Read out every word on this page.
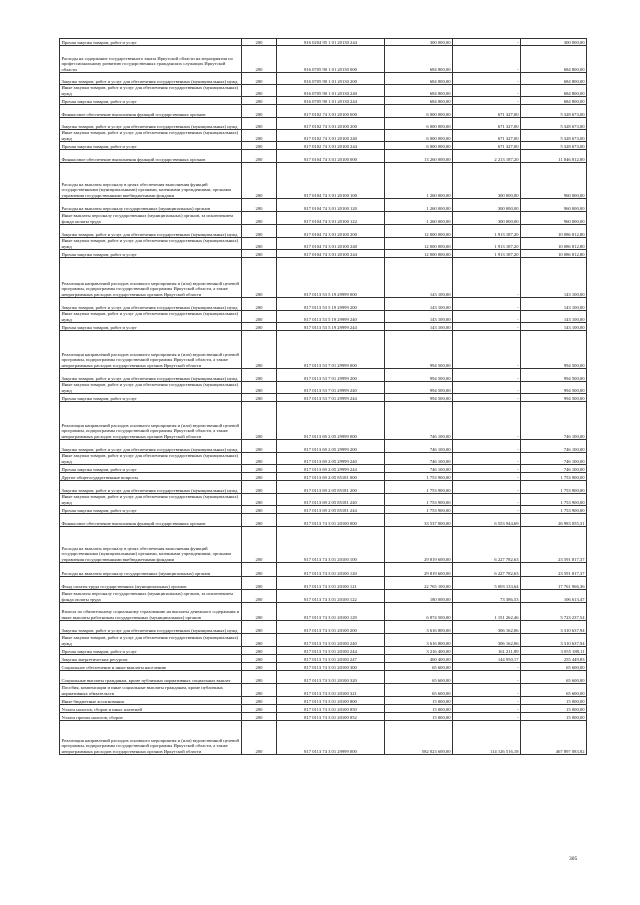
Прочая закупка товаров, работ и услуг	200	816 0204 95 1 01 20130 244	300 000,00	-	300 000,00
Расходы на содержание государственного заказа Иркутской области на мероприятия по профессиональному развитию государственных гражданских служащих Иркутской области	200	816 0705 90 1 01 20130 000	684 800,00	-	684 800,00
Закупка товаров, работ и услуг для обеспечения государственных (муниципальных) нужд	200	816 0705 90 1 01 20130 200	684 800,00	-	684 800,00
Иные закупки товаров, работ и услуг для обеспечения государственных (муниципальных) нужд	200	816 0705 90 1 01 20130 240	684 800,00	-	684 800,00
Прочая закупка товаров, работ и услуг	200	816 0705 90 1 01 20130 244	684 800,00	-	684 800,00
Финансовое обеспечение выполнения функций государственных органов	200	817 0102 74 3 01 20100 000	6 000 000,00	671 327,00	5 328 673,00
Закупка товаров, работ и услуг для обеспечения государственных (муниципальных) нужд	200	817 0102 74 3 01 20100 200	6 000 000,00	671 327,00	5 328 673,00
Иные закупки товаров, работ и услуг для обеспечения государственных (муниципальных) нужд	200	817 0102 74 3 01 20100 240	6 000 000,00	671 327,00	5 328 673,00
Прочая закупка товаров, работ и услуг	200	817 0102 74 3 01 20100 244	6 000 000,00	671 327,00	5 328 673,00
Финансовое обеспечение выполнения функций государственных органов	200	817 0104 74 3 01 20100 000	13 260 000,00	2 213 187,20	11 046 812,80
Расходы на выплаты персоналу в целях обеспечения выполнения функций государственными (муниципальными) органами, казенными учреждениями, органами управления государственными внебюджетными фондами	200	817 0104 74 3 01 20100 100	1 260 000,00	300 000,00	960 000,00
Расходы на выплаты персоналу государственных (муниципальных) органов	200	817 0104 74 3 01 20100 120	1 260 000,00	300 000,00	960 000,00
Иные выплаты персоналу государственных (муниципальных) органов, за исключением фонда оплаты труда	200	817 0104 74 3 01 20100 122	1 260 000,00	300 000,00	960 000,00
Закупка товаров, работ и услуг для обеспечения государственных (муниципальных) нужд	200	817 0104 74 3 01 20100 200	12 000 000,00	1 913 187,20	10 086 812,80
Иные закупки товаров, работ и услуг для обеспечения государственных (муниципальных) нужд	200	817 0104 74 3 01 20100 240	12 000 000,00	1 913 187,20	10 086 812,80
Прочая закупка товаров, работ и услуг	200	817 0104 74 3 01 20100 244	12 000 000,00	1 913 187,20	10 086 812,80
Реализация направлений расходов основного мероприятия и (или) ведомственной целевой программы, подпрограммы государственной программы Иркутской области, а также непрограммных расходов государственных органов Иркутской области	200	817 0113 53 5 19 29999 000	143 100,00	-	143 100,00
Закупка товаров, работ и услуг для обеспечения государственных (муниципальных) нужд	200	817 0113 53 5 19 29999 200	143 100,00	-	143 100,00
Иные закупки товаров, работ и услуг для обеспечения государственных (муниципальных) нужд	200	817 0113 53 5 19 29999 240	143 100,00	-	143 100,00
Прочая закупка товаров, работ и услуг	200	817 0113 53 5 19 29999 244	143 100,00	-	143 100,00
Реализация направлений расходов основного мероприятия и (или) ведомственной целевой программы, подпрограммы государственной программы Иркутской области, а также непрограммных расходов государственных органов Иркутской области	200	817 0113 53 7 01 29999 000	994 500,00	-	994 500,00
Закупка товаров, работ и услуг для обеспечения государственных (муниципальных) нужд	200	817 0113 53 7 01 29999 200	994 500,00	-	994 500,00
Иные закупки товаров, работ и услуг для обеспечения государственных (муниципальных) нужд	200	817 0113 53 7 01 29999 240	994 500,00	-	994 500,00
Прочая закупка товаров, работ и услуг	200	817 0113 53 7 01 29999 244	994 500,00	-	994 500,00
Реализация направлений расходов основного мероприятия и (или) ведомственной целевой программы, подпрограммы государственной программы Иркутской области, а также непрограммных расходов государственных органов Иркутской области	200	817 0113 69 2 05 29999 000	746 100,00	-	746 100,00
Закупка товаров, работ и услуг для обеспечения государственных (муниципальных) нужд	200	817 0113 69 2 05 29999 200	746 100,00	-	746 100,00
Иные закупки товаров, работ и услуг для обеспечения государственных (муниципальных) нужд	200	817 0113 69 2 05 29999 240	746 100,00	-	746 100,00
Прочая закупка товаров, работ и услуг	200	817 0113 69 2 05 29999 244	746 100,00	-	746 100,00
Другие общегосударственные вопросы	200	817 0113 69 2 05 85181 000	1 753 900,00	-	1 753 900,00
Закупка товаров, работ и услуг для обеспечения государственных (муниципальных) нужд	200	817 0113 69 2 05 85181 200	1 753 900,00	-	1 753 900,00
Иные закупки товаров, работ и услуг для обеспечения государственных (муниципальных) нужд	200	817 0113 69 2 05 85181 240	1 753 900,00	-	1 753 900,00
Прочая закупка товаров, работ и услуг	200	817 0113 69 2 05 85181 244	1 753 900,00	-	1 753 900,00
Финансовое обеспечение выполнения функций государственных органов	200	817 0113 74 3 01 20100 000	33 537 000,00	6 553 944,69	26 983 055,31
Расходы на выплаты персоналу в целях обеспечения выполнения функций государственными (муниципальными) органами, казенными учреждениями, органами управления государственными внебюджетными фондами	200	817 0113 74 3 01 20100 100	29 819 600,00	6 227 782,63	23 591 817,37
Расходы на выплаты персоналу государственных (муниципальных) органов	200	817 0113 74 3 01 20100 120	29 819 600,00	6 227 782,63	23 591 817,37
Фонд оплаты труда государственных (муниципальных) органов	200	817 0113 74 3 01 20100 121	22 765 100,00	5 003 133,64	17 761 966,36
Иные выплаты персоналу государственных (муниципальных) органов, за исключением фонда оплаты труда	200	817 0113 74 3 01 20100 122	180 000,00	73 386,53	106 613,47
Взносы по обязательному социальному страхованию на выплаты денежного содержания и иные выплаты работникам государственных (муниципальных) органов	200	817 0113 74 3 01 20100 129	6 874 500,00	1 151 262,46	5 723 237,54
Закупка товаров, работ и услуг для обеспечения государственных (муниципальных) нужд	200	817 0113 74 3 01 20100 200	3 616 800,00	306 162,06	3 310 637,94
Иные закупки товаров, работ и услуг для обеспечения государственных (муниципальных) нужд	200	817 0113 74 3 01 20100 240	3 616 800,00	306 162,06	3 310 637,94
Прочая закупка товаров, работ и услуг	200	817 0113 74 3 01 20100 244	3 216 400,00	161 211,89	3 055 188,11
Закупка энергетических ресурсов	200	817 0113 74 3 01 20100 247	400 400,00	144 950,17	255 449,83
Социальное обеспечение и иные выплаты населению	200	817 0113 74 3 01 20100 300	65 600,00	-	65 600,00
Социальные выплаты гражданам, кроме публичных нормативных социальных выплат	200	817 0113 74 3 01 20100 320	65 600,00	-	65 600,00
Пособия, компенсации и иные социальные выплаты гражданам, кроме публичных нормативных обязательств	200	817 0113 74 3 01 20100 321	65 600,00	-	65 600,00
Иные бюджетные ассигнования	200	817 0113 74 3 01 20100 800	15 000,00	-	15 000,00
Уплата налогов, сборов и иных платежей	200	817 0113 74 3 01 20100 850	15 000,00	-	15 000,00
Уплата прочих налогов, сборов	200	817 0113 74 3 01 20100 852	15 000,00	-	15 000,00
Реализация направлений расходов основного мероприятия и (или) ведомственной целевой программы, подпрограммы государственной программы Иркутской области, а также непрограммных расходов государственных органов Иркутской области	200	817 0113 74 3 01 29999 000	582 023 600,00	114 126 516,18	467 897 083,82
305
